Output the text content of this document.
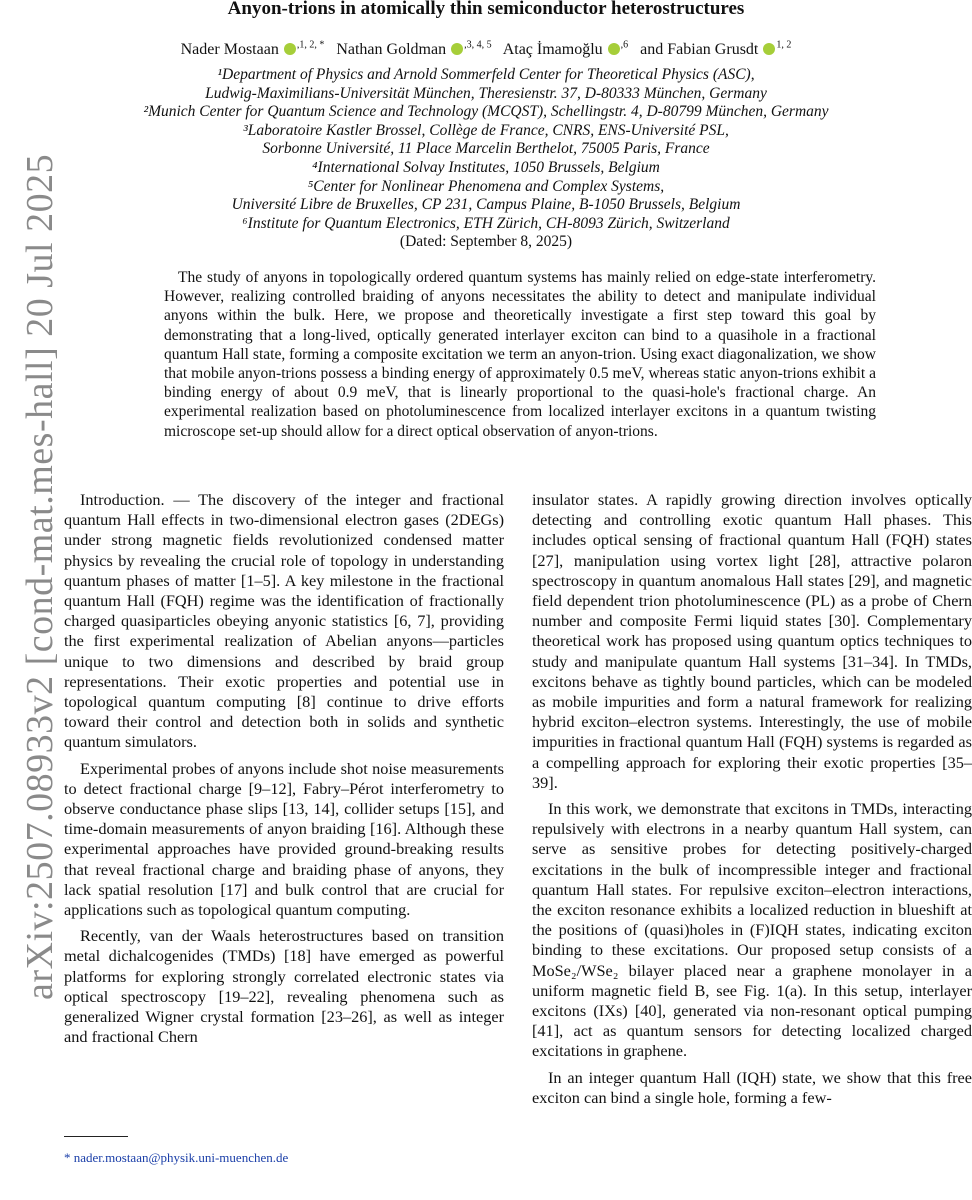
arXiv:2507.08933v2 [cond-mat.mes-hall] 20 Jul 2025
Anyon-trions in atomically thin semiconductor heterostructures
Nader Mostaan $^{,1, 2, *}$ Nathan Goldman $^{,3, 4, 5}$ Ataç İmamoğlu $^{,6}$ and Fabian Grusdt $^{1, 2}$
¹Department of Physics and Arnold Sommerfeld Center for Theoretical Physics (ASC),
Ludwig-Maximilians-Universität München, Theresienstr. 37, D-80333 München, Germany
²Munich Center for Quantum Science and Technology (MCQST), Schellingstr. 4, D-80799 München, Germany
³Laboratoire Kastler Brossel, Collège de France, CNRS, ENS-Université PSL,
Sorbonne Université, 11 Place Marcelin Berthelot, 75005 Paris, France
⁴International Solvay Institutes, 1050 Brussels, Belgium
⁵Center for Nonlinear Phenomena and Complex Systems,
Université Libre de Bruxelles, CP 231, Campus Plaine, B-1050 Brussels, Belgium
⁶Institute for Quantum Electronics, ETH Zürich, CH-8093 Zürich, Switzerland
(Dated: September 8, 2025)
The study of anyons in topologically ordered quantum systems has mainly relied on edge-state interferometry. However, realizing controlled braiding of anyons necessitates the ability to detect and manipulate individual anyons within the bulk. Here, we propose and theoretically investigate a first step toward this goal by demonstrating that a long-lived, optically generated interlayer exciton can bind to a quasihole in a fractional quantum Hall state, forming a composite excitation we term an anyon-trion. Using exact diagonalization, we show that mobile anyon-trions possess a binding energy of approximately 0.5 meV, whereas static anyon-trions exhibit a binding energy of about 0.9 meV, that is linearly proportional to the quasi-hole's fractional charge. An experimental realization based on photoluminescence from localized interlayer excitons in a quantum twisting microscope set-up should allow for a direct optical observation of anyon-trions.

Introduction. — The discovery of the integer and fractional quantum Hall effects in two-dimensional electron gases (2DEGs) under strong magnetic fields revolutionized condensed matter physics by revealing the crucial role of topology in understanding quantum phases of matter [1–5]. A key milestone in the fractional quantum Hall (FQH) regime was the identification of fractionally charged quasiparticles obeying anyonic statistics [6, 7], providing the first experimental realization of Abelian anyons—particles unique to two dimensions and described by braid group representations. Their exotic properties and potential use in topological quantum computing [8] continue to drive efforts toward their control and detection both in solids and synthetic quantum simulators.

Experimental probes of anyons include shot noise measurements to detect fractional charge [9–12], Fabry–Pérot interferometry to observe conductance phase slips [13, 14], collider setups [15], and time-domain measurements of anyon braiding [16]. Although these experimental approaches have provided ground-breaking results that reveal fractional charge and braiding phase of anyons, they lack spatial resolution [17] and bulk control that are crucial for applications such as topological quantum computing.

Recently, van der Waals heterostructures based on transition metal dichalcogenides (TMDs) [18] have emerged as powerful platforms for exploring strongly correlated electronic states via optical spectroscopy [19–22], revealing phenomena such as generalized Wigner crystal formation [23–26], as well as integer and fractional Chern

insulator states. A rapidly growing direction involves optically detecting and controlling exotic quantum Hall phases. This includes optical sensing of fractional quantum Hall (FQH) states [27], manipulation using vortex light [28], attractive polaron spectroscopy in quantum anomalous Hall states [29], and magnetic field dependent trion photoluminescence (PL) as a probe of Chern number and composite Fermi liquid states [30]. Complementary theoretical work has proposed using quantum optics techniques to study and manipulate quantum Hall systems [31–34]. In TMDs, excitons behave as tightly bound particles, which can be modeled as mobile impurities and form a natural framework for realizing hybrid exciton–electron systems. Interestingly, the use of mobile impurities in fractional quantum Hall (FQH) systems is regarded as a compelling approach for exploring their exotic properties [35–39].

In this work, we demonstrate that excitons in TMDs, interacting repulsively with electrons in a nearby quantum Hall system, can serve as sensitive probes for detecting positively-charged excitations in the bulk of incompressible integer and fractional quantum Hall states. For repulsive exciton–electron interactions, the exciton resonance exhibits a localized reduction in blueshift at the positions of (quasi)holes in (F)IQH states, indicating exciton binding to these excitations. Our proposed setup consists of a MoSe₂/WSe₂ bilayer placed near a graphene monolayer in a uniform magnetic field B, see Fig. 1(a). In this setup, interlayer excitons (IXs) [40], generated via non-resonant optical pumping [41], act as quantum sensors for detecting localized charged excitations in graphene.

In an integer quantum Hall (IQH) state, we show that this free exciton can bind a single hole, forming a few-

* nader.mostaan@physik.uni-muenchen.de
